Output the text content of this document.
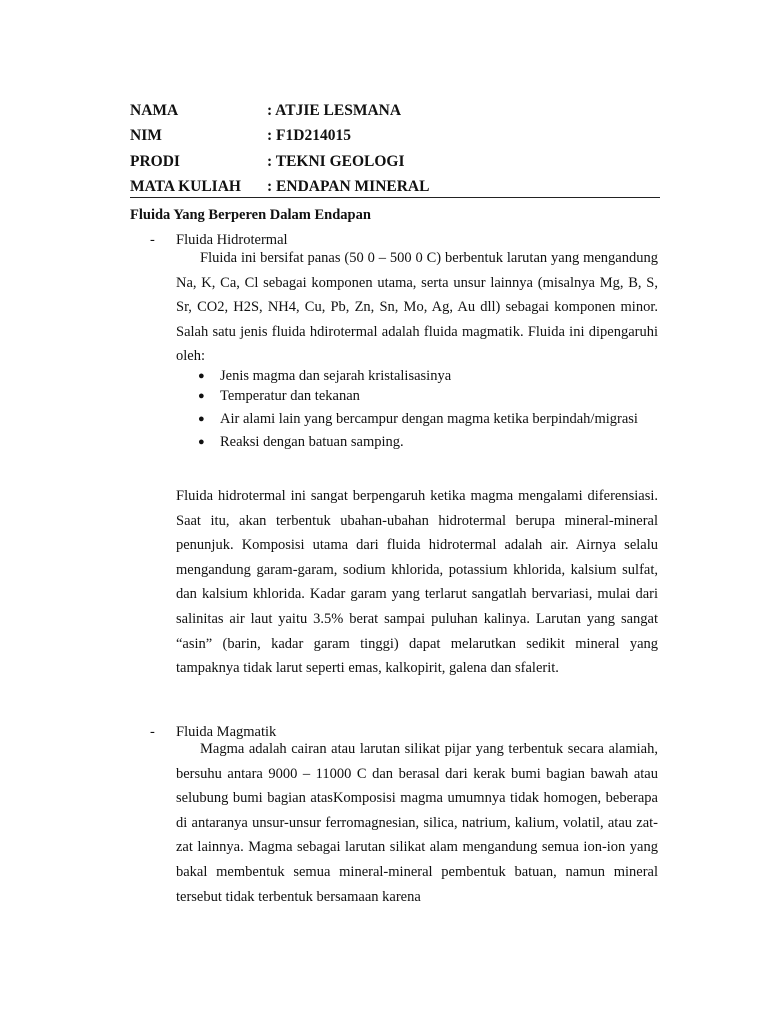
NAMA	: ATJIE LESMANA
NIM	: F1D214015
PRODI	: TEKNI GEOLOGI
MATA KULIAH : ENDAPAN MINERAL
Fluida Yang Berperen Dalam Endapan
- Fluida Hidrotermal

Fluida ini bersifat panas (50 0 – 500 0 C) berbentuk larutan yang mengandung Na, K, Ca, Cl sebagai komponen utama, serta unsur lainnya (misalnya Mg, B, S, Sr, CO2, H2S, NH4, Cu, Pb, Zn, Sn, Mo, Ag, Au dll) sebagai komponen minor. Salah satu jenis fluida hdirotermal adalah fluida magmatik. Fluida ini dipengaruhi oleh:

●	Jenis magma dan sejarah kristalisasinya
●	Temperatur dan tekanan
●	Air alami lain yang bercampur dengan magma ketika berpindah/migrasi
●	Reaksi dengan batuan samping.

Fluida hidrotermal ini sangat berpengaruh ketika magma mengalami diferensiasi. Saat itu, akan terbentuk ubahan-ubahan hidrotermal berupa mineral-mineral penunjuk. Komposisi utama dari fluida hidrotermal adalah air. Airnya selalu mengandung garam-garam, sodium khlorida, potassium khlorida, kalsium sulfat, dan kalsium khlorida. Kadar garam yang terlarut sangatlah bervariasi, mulai dari salinitas air laut yaitu 3.5% berat sampai puluhan kalinya. Larutan yang sangat “asin” (barin, kadar garam tinggi) dapat melarutkan sedikit mineral yang tampaknya tidak larut seperti emas, kalkopirit, galena dan sfalerit.

- Fluida Magmatik

Magma adalah cairan atau larutan silikat pijar yang terbentuk secara alamiah, bersuhu antara 9000 – 11000 C dan berasal dari kerak bumi bagian bawah atau selubung bumi bagian atasKomposisi magma umumnya tidak homogen, beberapa di antaranya unsur-unsur ferromagnesian, silica, natrium, kalium, volatil, atau zat-zat lainnya. Magma sebagai larutan silikat alam mengandung semua ion-ion yang bakal membentuk semua mineral-mineral pembentuk batuan, namun mineral tersebut tidak terbentuk bersamaan karena
